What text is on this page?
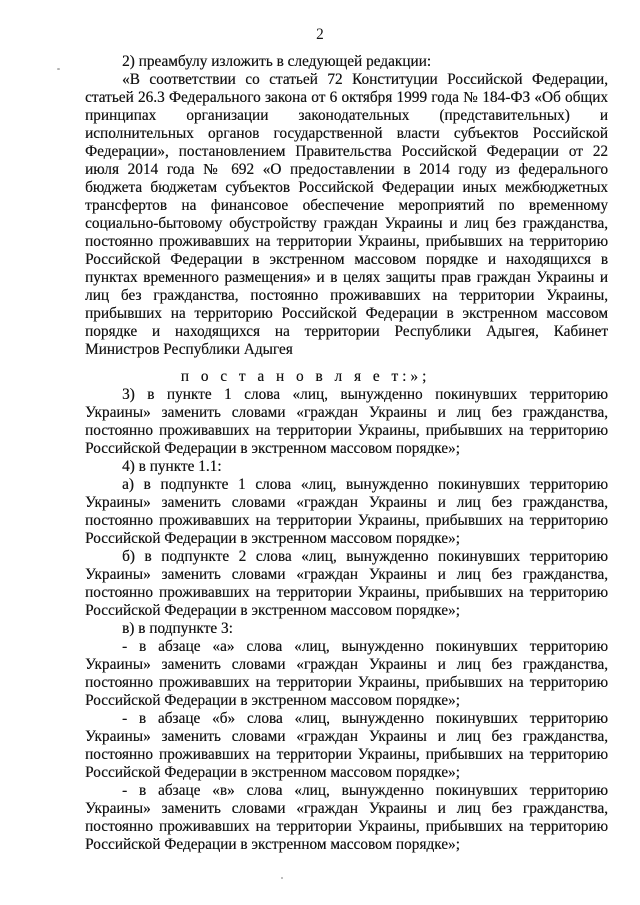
2

2) преамбулу изложить в следующей редакции:

«В соответствии со статьей 72 Конституции Российской Федерации, статьей 26.3 Федерального закона от 6 октября 1999 года № 184-ФЗ «Об общих принципах организации законодательных (представительных) и исполнительных органов государственной власти субъектов Российской Федерации», постановлением Правительства Российской Федерации от 22 июля 2014 года № 692 «О предоставлении в 2014 году из федерального бюджета бюджетам субъектов Российской Федерации иных межбюджетных трансфертов на финансовое обеспечение мероприятий по временному социально-бытовому обустройству граждан Украины и лиц без гражданства, постоянно проживавших на территории Украины, прибывших на территорию Российской Федерации в экстренном массовом порядке и находящихся в пунктах временного размещения» и в целях защиты прав граждан Украины и лиц без гражданства, постоянно проживавших на территории Украины, прибывших на территорию Российской Федерации в экстренном массовом порядке и находящихся на территории Республики Адыгея, Кабинет Министров Республики Адыгея

п о с т а н о в л я е т:»;

3) в пункте 1 слова «лиц, вынужденно покинувших территорию Украины» заменить словами «граждан Украины и лиц без гражданства, постоянно проживавших на территории Украины, прибывших на территорию Российской Федерации в экстренном массовом порядке»;

4) в пункте 1.1:

а) в подпункте 1 слова «лиц, вынужденно покинувших территорию Украины» заменить словами «граждан Украины и лиц без гражданства, постоянно проживавших на территории Украины, прибывших на территорию Российской Федерации в экстренном массовом порядке»;

б) в подпункте 2 слова «лиц, вынужденно покинувших территорию Украины» заменить словами «граждан Украины и лиц без гражданства, постоянно проживавших на территории Украины, прибывших на территорию Российской Федерации в экстренном массовом порядке»;

в) в подпункте 3:

- в абзаце «а» слова «лиц, вынужденно покинувших территорию Украины» заменить словами «граждан Украины и лиц без гражданства, постоянно проживавших на территории Украины, прибывших на территорию Российской Федерации в экстренном массовом порядке»;

- в абзаце «б» слова «лиц, вынужденно покинувших территорию Украины» заменить словами «граждан Украины и лиц без гражданства, постоянно проживавших на территории Украины, прибывших на территорию Российской Федерации в экстренном массовом порядке»;

- в абзаце «в» слова «лиц, вынужденно покинувших территорию Украины» заменить словами «граждан Украины и лиц без гражданства, постоянно проживавших на территории Украины, прибывших на территорию Российской Федерации в экстренном массовом порядке»;
